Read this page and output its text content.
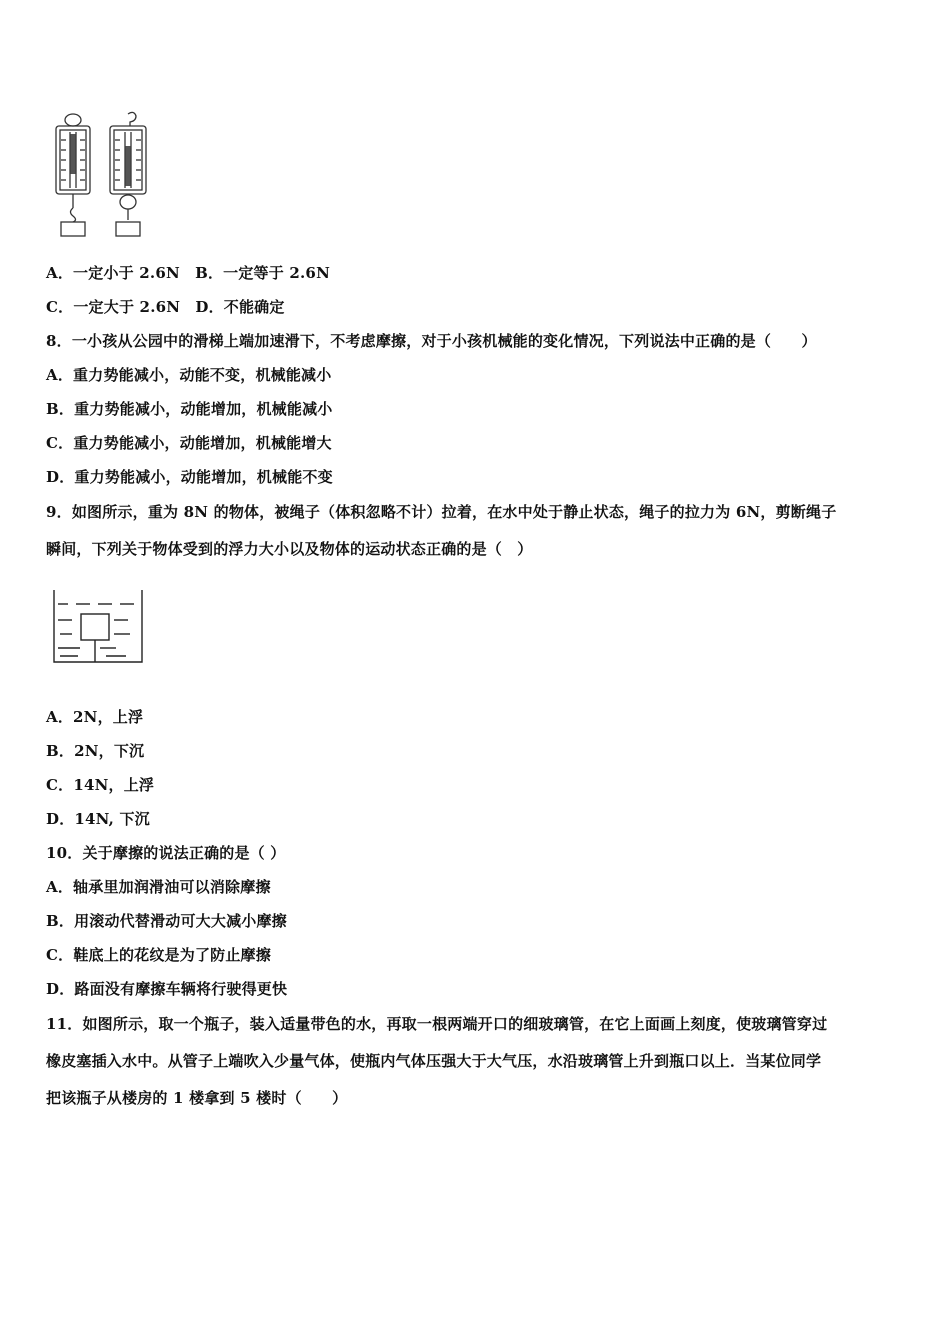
A．一定小于 2.6N　B．一定等于 2.6N
C．一定大于 2.6N　D．不能确定
8．一小孩从公园中的滑梯上端加速滑下，不考虑摩擦，对于小孩机械能的变化情况，下列说法中正确的是（　　）
A．重力势能减小，动能不变，机械能减小
B．重力势能减小，动能增加，机械能减小
C．重力势能减小，动能增加，机械能增大
D．重力势能减小，动能增加，机械能不变
9．如图所示，重为 8N 的物体，被绳子（体积忽略不计）拉着，在水中处于静止状态，绳子的拉力为 6N，剪断绳子
瞬间，下列关于物体受到的浮力大小以及物体的运动状态正确的是（　）
A．2N，上浮
B．2N，下沉
C．14N，上浮
D．14N, 下沉
10．关于摩擦的说法正确的是（ ）
A．轴承里加润滑油可以消除摩擦
B．用滚动代替滑动可大大减小摩擦
C．鞋底上的花纹是为了防止摩擦
D．路面没有摩擦车辆将行驶得更快
11．如图所示，取一个瓶子，装入适量带色的水，再取一根两端开口的细玻璃管，在它上面画上刻度，使玻璃管穿过
橡皮塞插入水中。从管子上端吹入少量气体，使瓶内气体压强大于大气压，水沿玻璃管上升到瓶口以上．当某位同学
把该瓶子从楼房的 1 楼拿到 5 楼时（　　）
